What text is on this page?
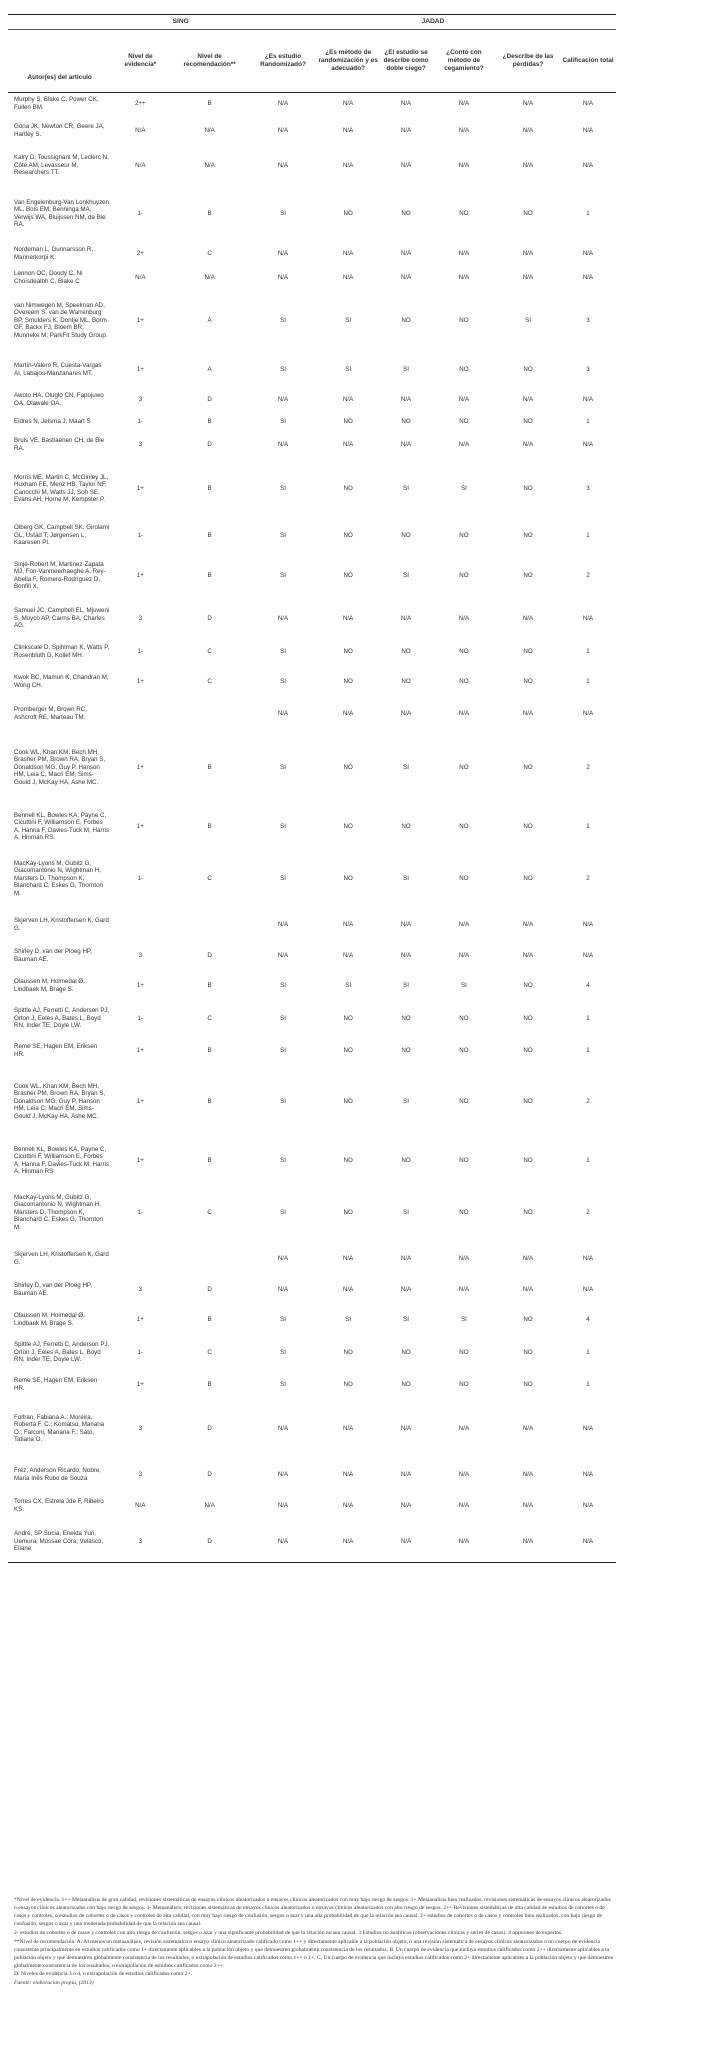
	SING		JADAD					
Autor(es) del artículo	Nivel de evidencia*	Nivel de recomendación**	¿Es estudio Randomizado?	¿Es método de randomización y es adecuado?	¿El estudio se describe como doble ciego?	¿Contó con método de cegamiento?	¿Describe de las pérdidas?	Calificación total
Murphy S, Blake C, Power CK, Fullen BM.	2++	B	N/A	N/A	N/A	N/A	N/A	N/A
Gona JK, Newton CR, Geere JA, Hartley S.	N/A	N/A	N/A	N/A	N/A	N/A	N/A	N/A
Kalry D, Toussignant M, Leclerc N, Côté AM, Levasseur M, Researchers TT.	N/A	N/A	N/A	N/A	N/A	N/A	N/A	N/A
Van Engelenburg-Van Lonkhuyzen ML, Bols EM, Benninga MA, Verwijs WA, Bluijssen NM, de Bie RA.	1-	B	SI	NO	NO	NO	NO	1
Nordeman L, Gunnarsson R, Mannerkorpi K.	2+	C	N/A	N/A	N/A	N/A	N/A	N/A
Lennon OC, Doody C, Ni Choisdealbh C, Blake C	N/A	N/A	N/A	N/A	N/A	N/A	N/A	N/A
van Nimwegen M, Speelman AD, Overeem S, van de Warrenburg BP, Smulders K, Dontje ML, Borm GF, Backx FJ, Bloem BR, Munneke M; ParkFit Study Group.	1+	A	SI	SI	NO	NO	SI	3
Martín-Valero R, Cuesta-Vargas AI, Labajos-Manzanares MT.	1+	A	SI	SI	SI	NO	NO	3
Awoto HA, Oluglo CN, Fapojuwo OA, Olawale OA.	3	D	N/A	N/A	N/A	N/A	N/A	N/A
Eidres N, Jelsma J, Maart S	1-	B	SI	NO	NO	NO	NO	1
Bruls VE, Bastiaenen CH, de Bie RA.	3	D	N/A	N/A	N/A	N/A	N/A	N/A
Morris ME, Martin C, McGinley JL, Huxham FE, Menz HB, Taylor NF, Canocchi M, Watts JJ, Soh SE, Evans AH, Horne M, Kempster P.	1+	B	SI	NO	SI	SI	NO	3
Olberg GK, Campbell SK, Girolami GL, Ustad T, Jørgensen L, Kaaresen PI.	1-	B	SI	NO	NO	NO	NO	1
Sinjé-Robert M, Martinez-Zapata MJ, Fon-Vanmeerhaeghe A, Rey-Abella F, Romero-Rodríguez D, Bonfill X.	1+	B	SI	NO	SI	NO	NO	2
Samuel JC, Campbell EL, Mjuweni S, Muyco AP, Cairns BA, Charles AG.	3	D	N/A	N/A	N/A	N/A	N/A	N/A
Clinkscale D, Spihlman K, Watts P, Rosenbluth D, Kollef MH.	1-	C	SI	NO	NO	NO	NO	1
Kwok BC, Mamun K, Chandran M, Wong CH.	1+	C	SI	NO	NO	NO	NO	1
Promberger M, Brown RC, Ashcroft RE, Marteau TM.			N/A	N/A	N/A	N/A	N/A	N/A
Cook WL, Khan KM, Bech MH, Brasher PM, Brown RA, Bryan S, Donaldson MG, Guy P, Hanson HM, Leia C, Macri EM, Sims-Gould J, McKay HA, Ashe MC.	1+	B	SI	NO	SI	NO	NO	2
Bennell KL, Bowles KA, Payne C, Cicuttini F, Williamson E, Forbes A, Hanna F, Davies-Tuck M, Harris A, Hinman RS.	1+	B	SI	NO	NO	NO	NO	1
MacKay-Lyons M, Gubitz G, Giacomantonio N, Wightman H, Marsters D, Thompson K, Blanchard C, Eskes G, Thornton M.	1-	C	SI	NO	SI	NO	NO	2
Skjerven LH, Kristoffersen K, Gard G.			N/A	N/A	N/A	N/A	N/A	N/A
Shirley D, van der Ploeg HP, Bauman AE.	3	D	N/A	N/A	N/A	N/A	N/A	N/A
Olaussen M, Holmedal Ø, Lindbaek M, Brage S.	1+	B	SI	SI	SI	SI	NO	4
Spittle AJ, Ferretti C, Anderson PJ, Orton J, Eeles A, Bates L, Boyd RN, Inder TE, Doyle LW.	1-	C	SI	NO	NO	NO	NO	1
Reme SE, Hagen EM, Eriksen HR.	1+	B	SI	NO	NO	NO	NO	1
Cook WL, Khan KM, Bech MH, Brasher PM, Brown RA, Bryan S, Donaldson MG, Guy P, Hanson HM, Leia C, Macri EM, Sims-Gould J, McKay HA, Ashe MC.	1+	B	SI	NO	SI	NO	NO	2
Bennell KL, Bowles KA, Payne C, Cicuttini F, Williamson E, Forbes A, Hanna F, Davies-Tuck M, Harris A, Hinman RS.	1+	B	SI	NO	NO	NO	NO	1
MacKay-Lyons M, Gubitz G, Giacomantonio N, Wightman H, Marsters D, Thompson K, Blanchard C, Eskes G, Thornton M.	1-	C	SI	NO	SI	NO	NO	2
Skjerven LH, Kristoffersen K, Gard G.			N/A	N/A	N/A	N/A	N/A	N/A
Shirley D, van der Ploeg HP, Bauman AE.	3	D	N/A	N/A	N/A	N/A	N/A	N/A
Olaussen M, Holmedal Ø, Lindbaek M, Brage S.	1+	B	SI	SI	SI	SI	NO	4
Spittle AJ, Ferretti C, Anderson PJ, Orton J, Eeles A, Bates L, Boyd RN, Inder TE, Doyle LW.	1-	C	SI	NO	NO	NO	NO	1
Reme SE, Hagen EM, Eriksen HR.	1+	B	SI	NO	NO	NO	NO	1
Foltran, Fabiana A.; Moreira, Roberta F. C.; Komatsu, Mariana O.; Falconi, Mariana F.; Sato, Tatiana O.	3	D	N/A	N/A	N/A	N/A	N/A	N/A
Fréz, Anderson Ricardo; Nobre, Maria Inês Rubo de Souza	3	D	N/A	N/A	N/A	N/A	N/A	N/A
Torres CX, Estrela Jde F, Ribeiro KS.	N/A	N/A	N/A	N/A	N/A	N/A	N/A	N/A
André, SP Sucia, Eneida Yuri, Uemura, Mossae Cora; Velasco, Eliane	3	D	N/A	N/A	N/A	N/A	N/A	N/A

*Nivel de evidencia. 1++ Metaanálisis de gran calidad, revisiones sistemáticas de ensayos clínicos aleatorizados o ensayos clínicos aleatorizados con muy bajo riesgo de sesgos. 1+ Metaanálisis bien realizados, revisiones sistemáticas de ensayos clínicos aleatorizados o ensayos clínicos aleatorizados con bajo riesgo de sesgos. 1- Metaanálisis, revisiones sistemáticas de ensayos clínicos aleatorizados o ensayos clínicos aleatorizados con alto riesgo de sesgos. 2++ Revisiones sistemáticas de alta calidad de estudios de cohortes o de casos y controles, o estudios de cohortes o de casos y controles de alta calidad, con muy bajo riesgo de confusión, sesgos o azar y una alta probabilidad de que la relación sea causal. 2+ estudios de cohortes o de casos y controles bien realizados, con bajo riesgo de confusión, sesgos o azar y una moderada probabilidad de que la relación sea causal.

2- estudios de cohortes o de casos y controles con alto riesgo de confusión, sesgos o azar y una significante probabilidad de que la relación no sea causal. 3 Estudios no analíticos (observaciones clínicas y series de casos). 4 opiniones de expertos.

**Nivel de recomendación. A. Al menos un metaanálisis, revisión sistemática o ensayo clínico aleatorizado calificado como 1++ y directamente aplicable a la población objeto, o una revisión sistemática de ensayos clínicos aleatorizados o un cuerpo de evidencia consistente principalmente en estudios calificados como 1+ directamente aplicables a la población objeto y que demuestren globalmente consistencia de los resultados. B. Un cuerpo de evidencia que incluya estudios calificados como 2++ directamente aplicables a la población objeto y que demuestren globalmente consistencia de los resultados, o extrapolación de estudios calificados como 1++ o 1+. C. Un cuerpo de evidencia que incluya estudios calificados como 2+ directamente aplicables a la población objeto y que demuestren globalmente consistencia de los resultados, o extrapolación de estudios calificados como 2++.

D. Niveles de evidencia 3 o 4, o extrapolación de estudios calificados como 2+.

Fuente: elaboración propia, (2013)
